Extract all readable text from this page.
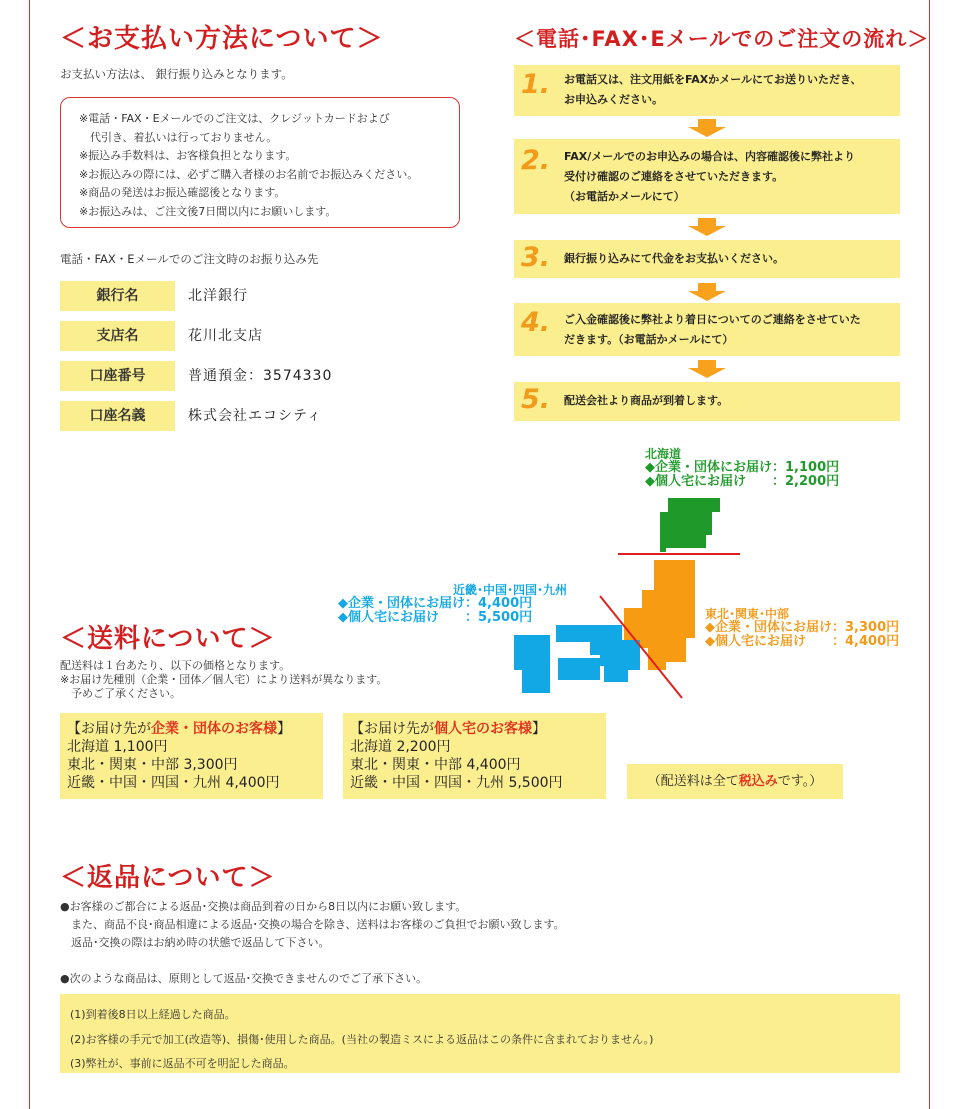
＜お支払い方法について＞
お支払い方法は、 銀行振り込みとなります。
※電話・FAX・Eメールでのご注文は、クレジットカードおよび
　代引き、着払いは行っておりません。
※振込み手数料は、お客様負担となります。
※お振込みの際には、必ずご購入者様のお名前でお振込みください。
※商品の発送はお振込確認後となります。
※お振込みは、ご注文後7日間以内にお願いします。
電話・FAX・Eメールでのご注文時のお振り込み先
銀行名	北洋銀行
支店名	花川北支店
口座番号	普通預金：3574330
口座名義	株式会社エコシティ
＜電話･FAX･Eメールでのご注文の流れ＞
1. お電話又は、注文用紙をFAXかメールにてお送りいただき、
お申込みください。
2. FAX/メールでのお申込みの場合は、内容確認後に弊社より
受付け確認のご連絡をさせていただきます。
（お電話かメールにて）
3. 銀行振り込みにて代金をお支払いください。
4. ご入金確認後に弊社より着日についてのご連絡をさせていた
だきます。（お電話かメールにて）
5. 配送会社より商品が到着します。
北海道
◆企業・団体にお届け：1,100円
◆個人宅にお届け　　：2,200円
近畿･中国･四国･九州
◆企業・団体にお届け：4,400円
◆個人宅にお届け　　：5,500円	東北･関東･中部
◆企業・団体にお届け：3,300円
◆個人宅にお届け　　：4,400円
＜送料について＞
配送料は１台あたり、以下の価格となります。
※お届け先種別（企業・団体／個人宅）により送料が異なります。
　予めご了承ください。
【お届け先が企業・団体のお客様】
北海道 1,100円
東北・関東・中部 3,300円
近畿・中国・四国・九州 4,400円
【お届け先が個人宅のお客様】
北海道 2,200円
東北・関東・中部 4,400円
近畿・中国・四国・九州 5,500円	（配送料は全て税込みです。）
＜返品について＞
●お客様のご都合による返品･交換は商品到着の日から8日以内にお願い致します。
　また、商品不良･商品相違による返品･交換の場合を除き、送料はお客様のご負担でお願い致します。
　返品･交換の際はお納め時の状態で返品して下さい。
●次のような商品は、原則として返品･交換できませんのでご了承下さい。
(1)到着後8日以上経過した商品。
(2)お客様の手元で加工(改造等)、損傷･使用した商品。(当社の製造ミスによる返品はこの条件に含まれておりません。)
(3)弊社が、事前に返品不可を明記した商品。
